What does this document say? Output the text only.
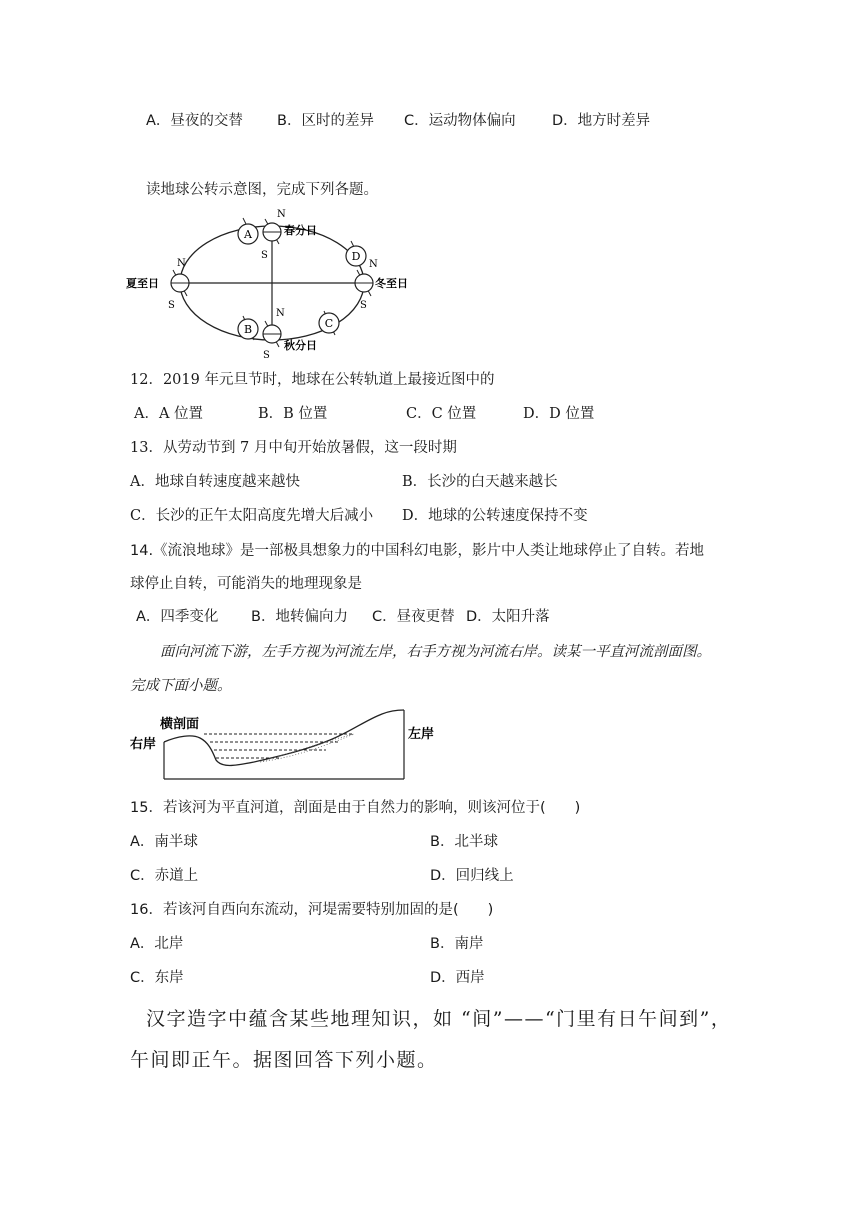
A．昼夜的交替 B．区时的差异 C．运动物体偏向	D．地方时差异
读地球公转示意图，完成下列各题。
A
D
B	C
N
S
N
S
N
S
N
S
春分日
夏至日	冬至日
秋分日
12．2019 年元旦节时，地球在公转轨道上最接近图中的
A．A 位置	B．B 位置	C．C 位置	D．D 位置
13．从劳动节到 7 月中旬开始放暑假，这一段时期
A．地球自转速度越来越快	B．长沙的白天越来越长
C．长沙的正午太阳高度先增大后减小 D．地球的公转速度保持不变
14.《流浪地球》是一部极具想象力的中国科幻电影，影片中人类让地球停止了自转。若地
球停止自转，可能消失的地理现象是
A．四季变化 B．地转偏向力 C．昼夜更替 D．太阳升落
面向河流下游，左手方视为河流左岸，右手方视为河流右岸。读某一平直河流剖面图。
完成下面小题。
横剖面
右岸
左岸
15．若该河为平直河道，剖面是由于自然力的影响，则该河位于(　　)
A．南半球	B．北半球
C．赤道上	D．回归线上
16．若该河自西向东流动，河堤需要特别加固的是(　　)
A．北岸	B．南岸
C．东岸	D．西岸
汉字造字中蕴含某些地理知识，如 “间”——“门里有日午间到”，
午间即正午。据图回答下列小题。
